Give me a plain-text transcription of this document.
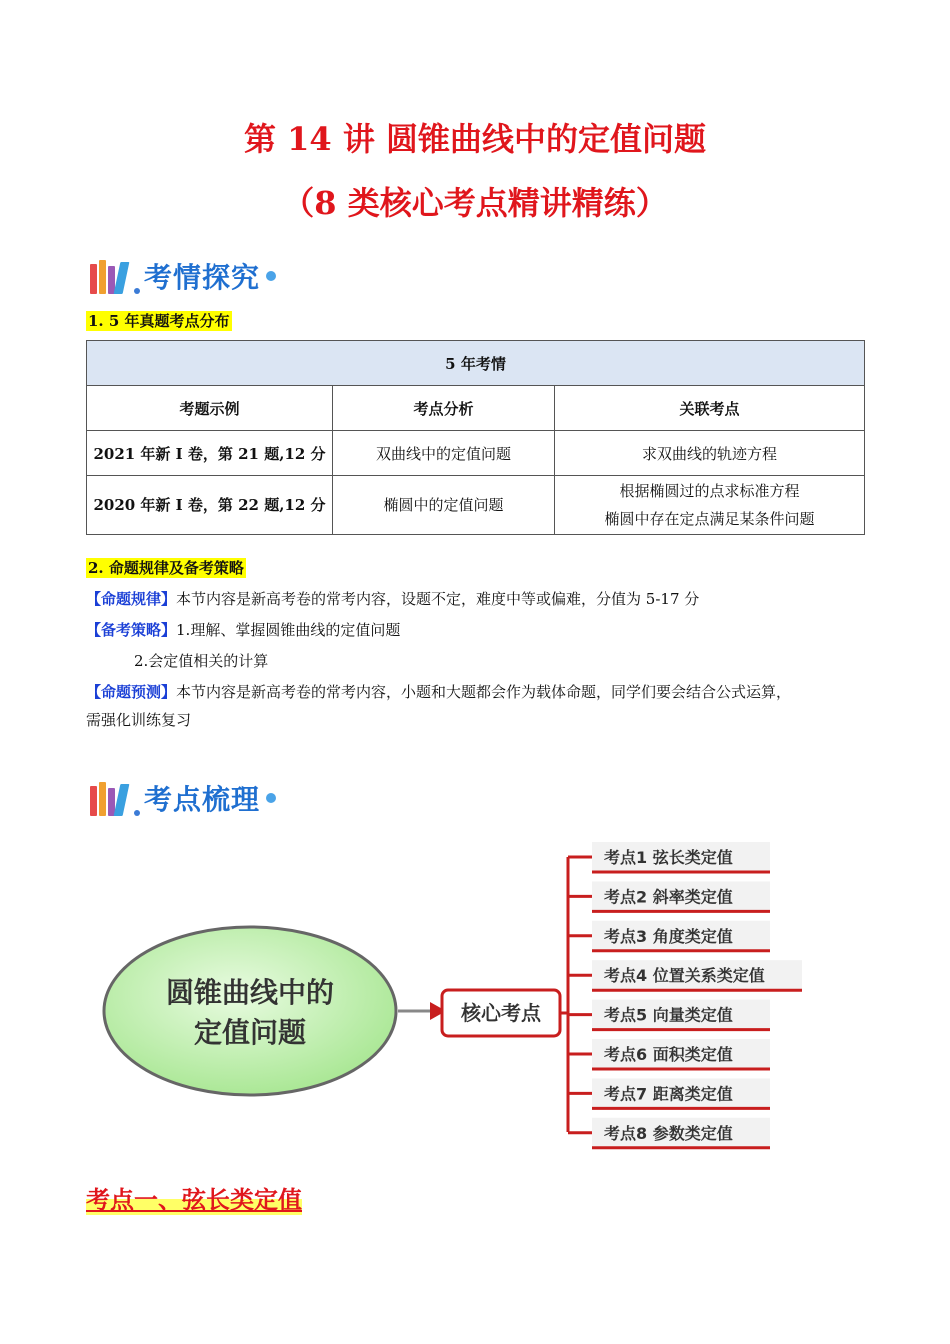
第 14 讲 圆锥曲线中的定值问题
（8 类核心考点精讲精练）
考情探究
1. 5 年真题考点分布
5 年考情		
考题示例	考点分析	关联考点
2021 年新 I 卷，第 21 题,12 分	双曲线中的定值问题	求双曲线的轨迹方程
2020 年新 I 卷，第 22 题,12 分	椭圆中的定值问题	根据椭圆过的点求标准方程
椭圆中存在定点满足某条件问题
2. 命题规律及备考策略
【命题规律】本节内容是新高考卷的常考内容，设题不定，难度中等或偏难，分值为 5-17 分
【备考策略】1.理解、掌握圆锥曲线的定值问题
2.会定值相关的计算
【命题预测】本节内容是新高考卷的常考内容，小题和大题都会作为载体命题，同学们要会结合公式运算，
需强化训练复习
考点梳理
圆锥曲线中的
定值问题
核心考点
考点1 弦长类定值
考点2 斜率类定值
考点3 角度类定值
考点4 位置关系类定值
考点5 向量类定值
考点6 面积类定值
考点7 距离类定值
考点8 参数类定值
考点一、弦长类定值
